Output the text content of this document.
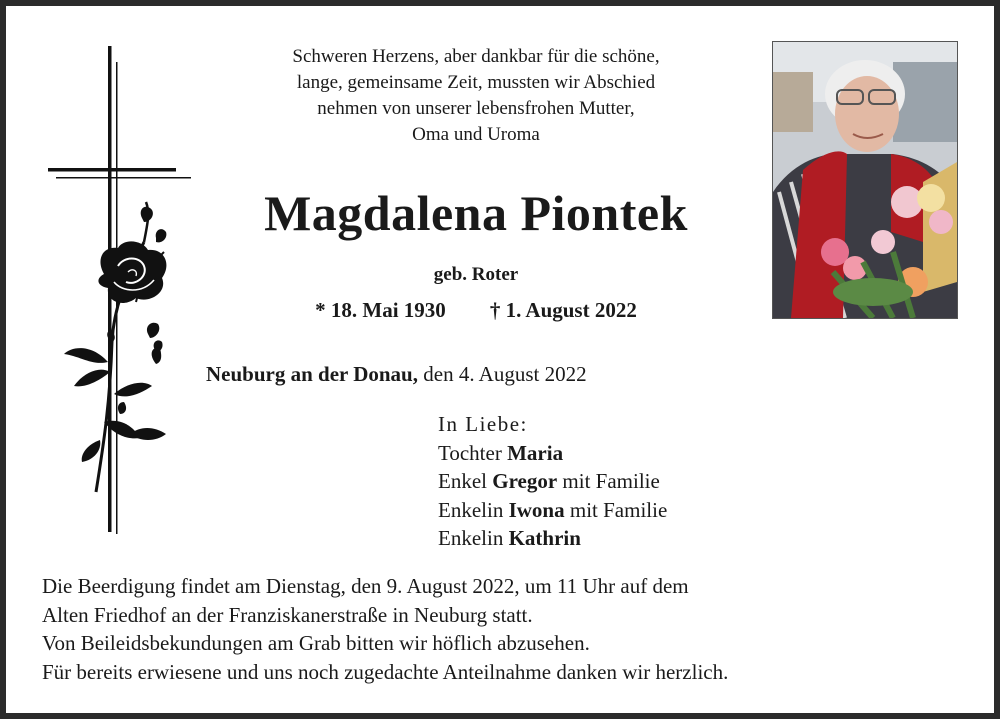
Schweren Herzens, aber dankbar für die schöne,
lange, gemeinsame Zeit, mussten wir Abschied
nehmen von unserer lebensfrohen Mutter,
Oma und Uroma
Magdalena Piontek
geb. Roter
* 18. Mai 1930 † 1. August 2022
Neuburg an der Donau, den 4. August 2022
In Liebe:
Tochter Maria
Enkel Gregor mit Familie
Enkelin Iwona mit Familie
Enkelin Kathrin
Die Beerdigung findet am Dienstag, den 9. August 2022, um 11 Uhr auf dem
Alten Friedhof an der Franziskanerstraße in Neuburg statt.
Von Beileidsbekundungen am Grab bitten wir höflich abzusehen.
Für bereits erwiesene und uns noch zugedachte Anteilnahme danken wir herzlich.
